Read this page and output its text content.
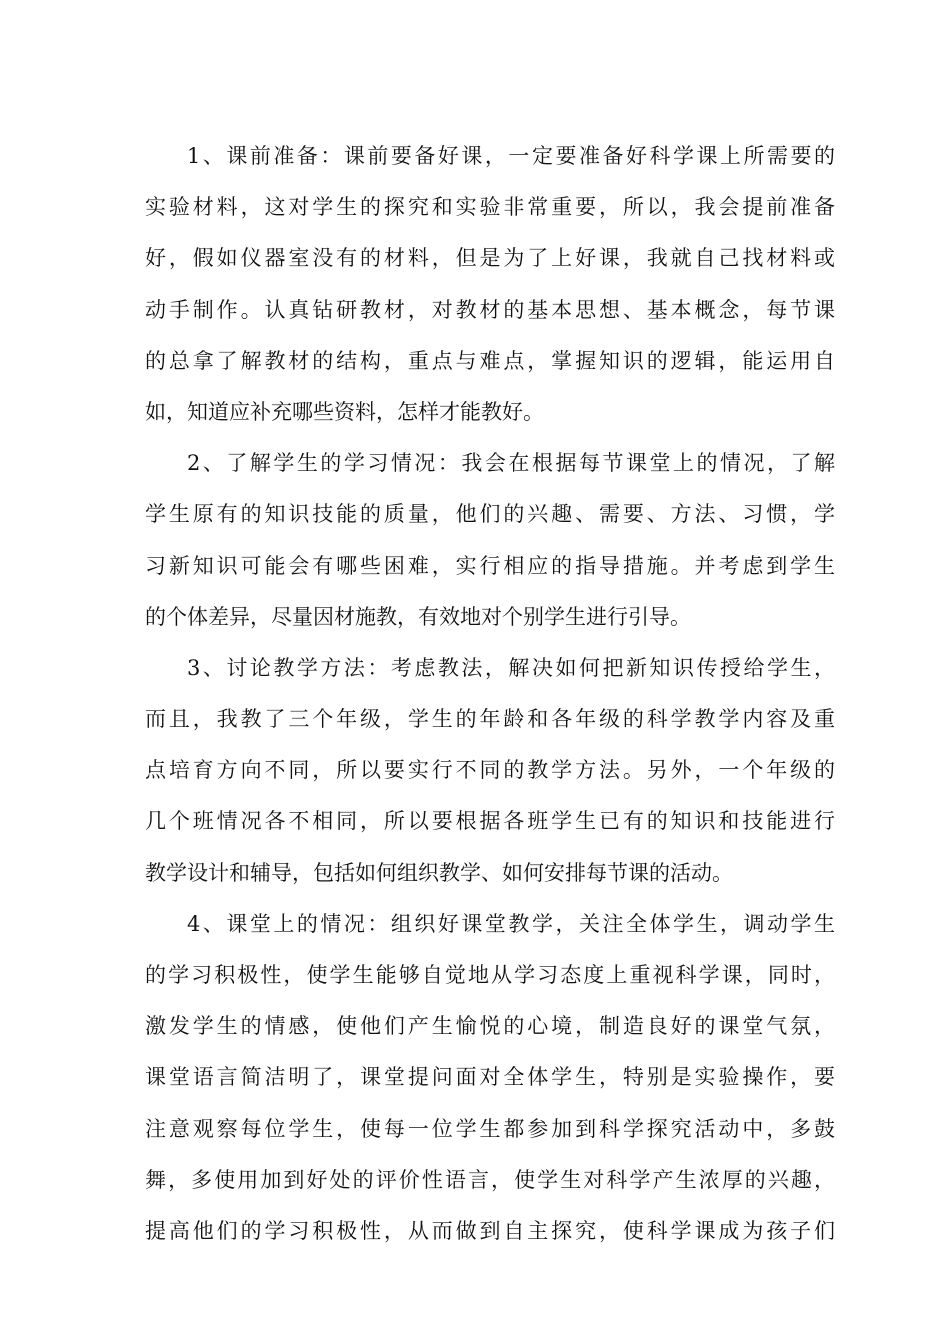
1、课前准备：课前要备好课，一定要准备好科学课上所需要的
实验材料，这对学生的探究和实验非常重要，所以，我会提前准备
好，假如仪器室没有的材料，但是为了上好课，我就自己找材料或
动手制作。认真钻研教材，对教材的基本思想、基本概念，每节课
的总拿了解教材的结构，重点与难点，掌握知识的逻辑，能运用自
如，知道应补充哪些资料，怎样才能教好。
2、了解学生的学习情况：我会在根据每节课堂上的情况，了解
学生原有的知识技能的质量，他们的兴趣、需要、方法、习惯，学
习新知识可能会有哪些困难，实行相应的指导措施。并考虑到学生
的个体差异，尽量因材施教，有效地对个别学生进行引导。
3、讨论教学方法：考虑教法，解决如何把新知识传授给学生，
而且，我教了三个年级，学生的年龄和各年级的科学教学内容及重
点培育方向不同，所以要实行不同的教学方法。另外，一个年级的
几个班情况各不相同，所以要根据各班学生已有的知识和技能进行
教学设计和辅导，包括如何组织教学、如何安排每节课的活动。
4、课堂上的情况：组织好课堂教学，关注全体学生，调动学生
的学习积极性，使学生能够自觉地从学习态度上重视科学课，同时，
激发学生的情感，使他们产生愉悦的心境，制造良好的课堂气氛，
课堂语言简洁明了，课堂提问面对全体学生，特别是实验操作，要
注意观察每位学生，使每一位学生都参加到科学探究活动中，多鼓
舞，多使用加到好处的评价性语言，使学生对科学产生浓厚的兴趣，
提高他们的学习积极性，从而做到自主探究，使科学课成为孩子们
